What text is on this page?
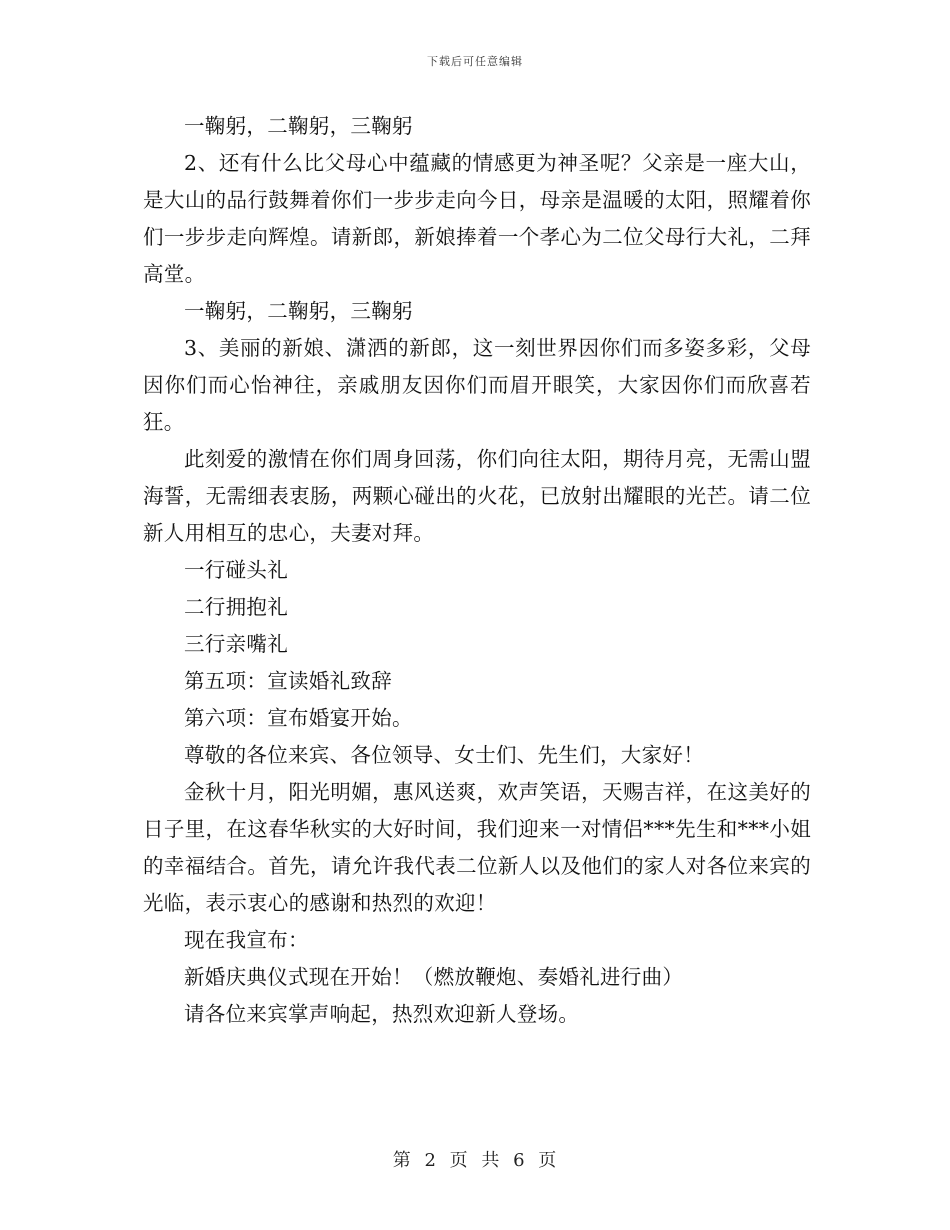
下载后可任意编辑

一鞠躬，二鞠躬，三鞠躬

2、还有什么比父母心中蕴藏的情感更为神圣呢？父亲是一座大山，是大山的品行鼓舞着你们一步步走向今日，母亲是温暖的太阳，照耀着你们一步步走向辉煌。请新郎，新娘捧着一个孝心为二位父母行大礼，二拜高堂。

一鞠躬，二鞠躬，三鞠躬

3、美丽的新娘、潇洒的新郎，这一刻世界因你们而多姿多彩，父母因你们而心怡神往，亲戚朋友因你们而眉开眼笑，大家因你们而欣喜若狂。

此刻爱的激情在你们周身回荡，你们向往太阳，期待月亮，无需山盟海誓，无需细表衷肠，两颗心碰出的火花，已放射出耀眼的光芒。请二位新人用相互的忠心，夫妻对拜。

一行碰头礼

二行拥抱礼

三行亲嘴礼

第五项：宣读婚礼致辞

第六项：宣布婚宴开始。

尊敬的各位来宾、各位领导、女士们、先生们，大家好！

金秋十月，阳光明媚，惠风送爽，欢声笑语，天赐吉祥，在这美好的日子里，在这春华秋实的大好时间，我们迎来一对情侣***先生和***小姐的幸福结合。首先，请允许我代表二位新人以及他们的家人对各位来宾的光临，表示衷心的感谢和热烈的欢迎！

现在我宣布：

新婚庆典仪式现在开始！（燃放鞭炮、奏婚礼进行曲）

请各位来宾掌声响起，热烈欢迎新人登场。

第 2 页 共 6 页
